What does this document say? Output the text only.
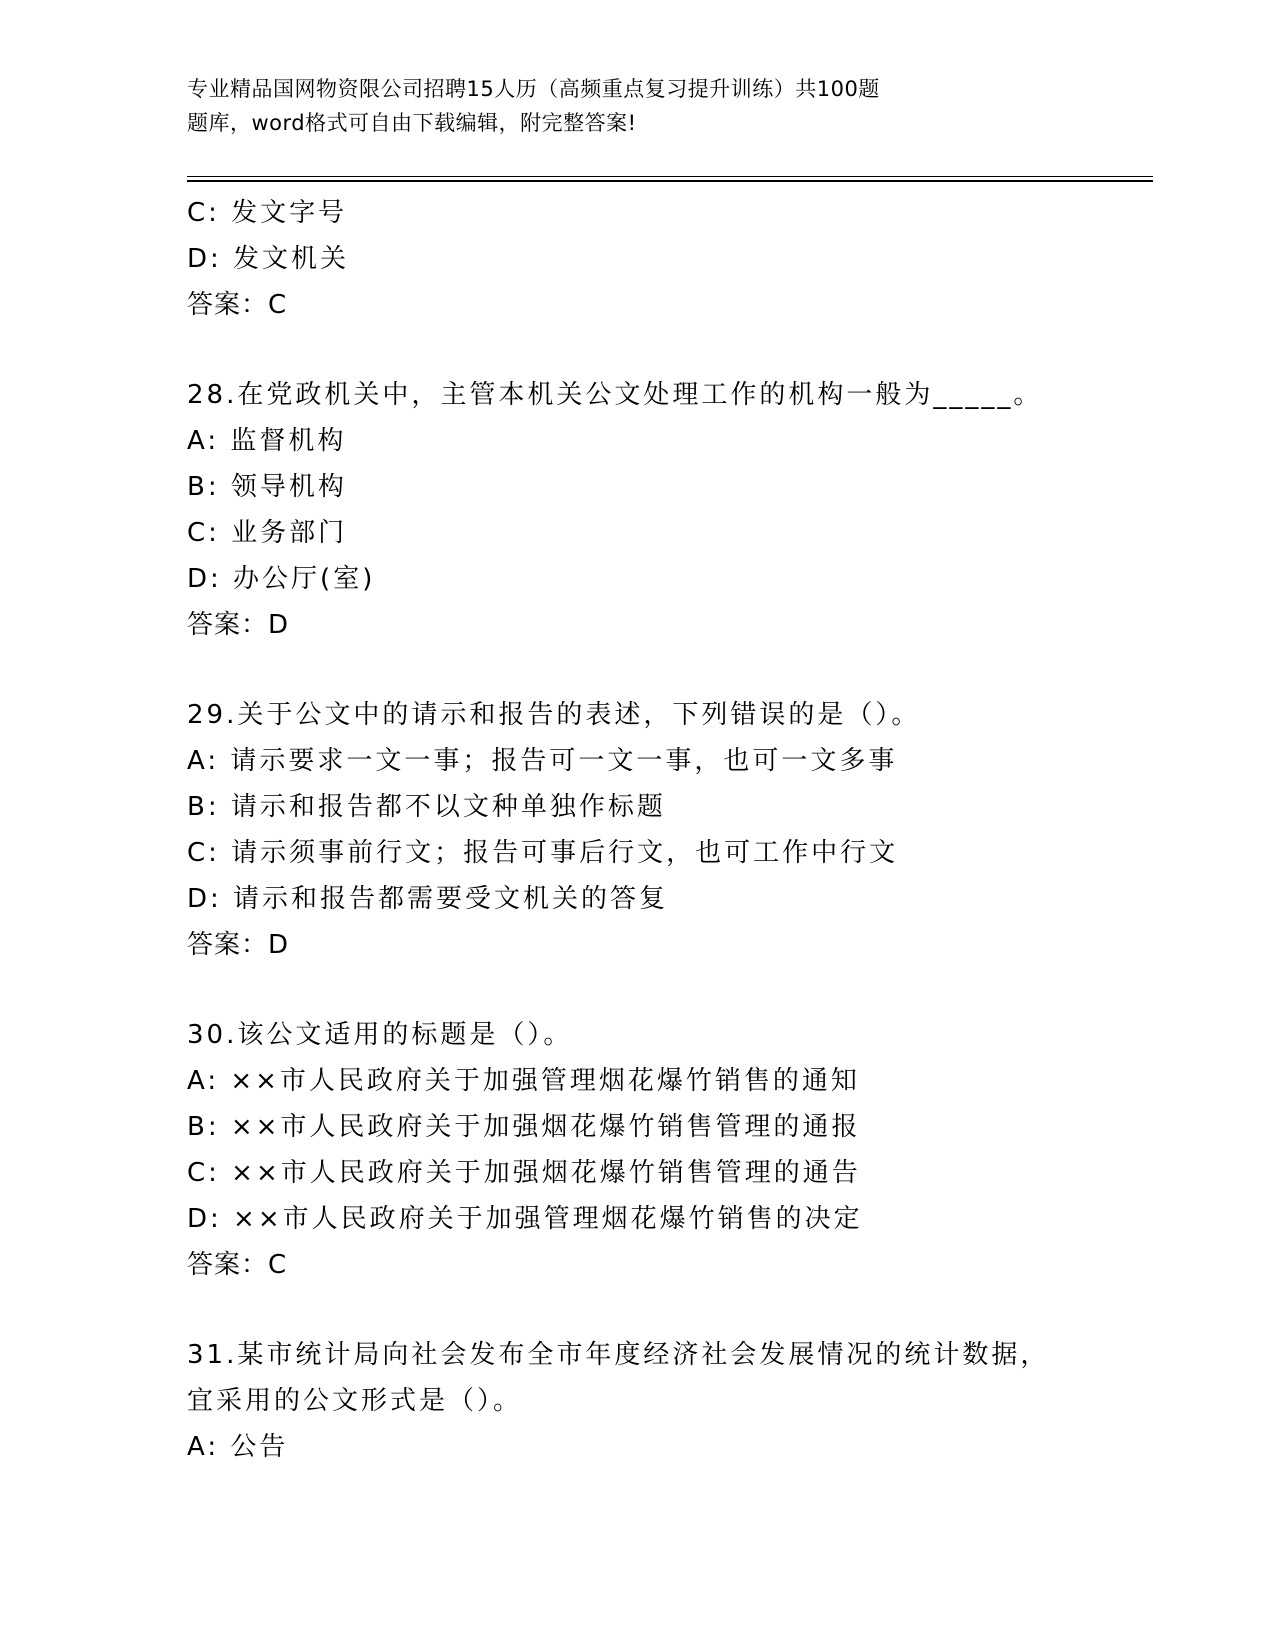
专业精品国网物资限公司招聘15人历（高频重点复习提升训练）共100题
题库，word格式可自由下载编辑，附完整答案!
C: 发文字号
D: 发文机关
答案：C
28.在党政机关中，主管本机关公文处理工作的机构一般为_____。
A: 监督机构
B: 领导机构
C: 业务部门
D: 办公厅(室)
答案：D
29.关于公文中的请示和报告的表述，下列错误的是（）。
A: 请示要求一文一事；报告可一文一事，也可一文多事
B: 请示和报告都不以文种单独作标题
C: 请示须事前行文；报告可事后行文，也可工作中行文
D: 请示和报告都需要受文机关的答复
答案：D
30.该公文适用的标题是（）。
A: ××市人民政府关于加强管理烟花爆竹销售的通知
B: ××市人民政府关于加强烟花爆竹销售管理的通报
C: ××市人民政府关于加强烟花爆竹销售管理的通告
D: ××市人民政府关于加强管理烟花爆竹销售的决定
答案：C
31.某市统计局向社会发布全市年度经济社会发展情况的统计数据，宜采用的公文形式是（）。
A: 公告
